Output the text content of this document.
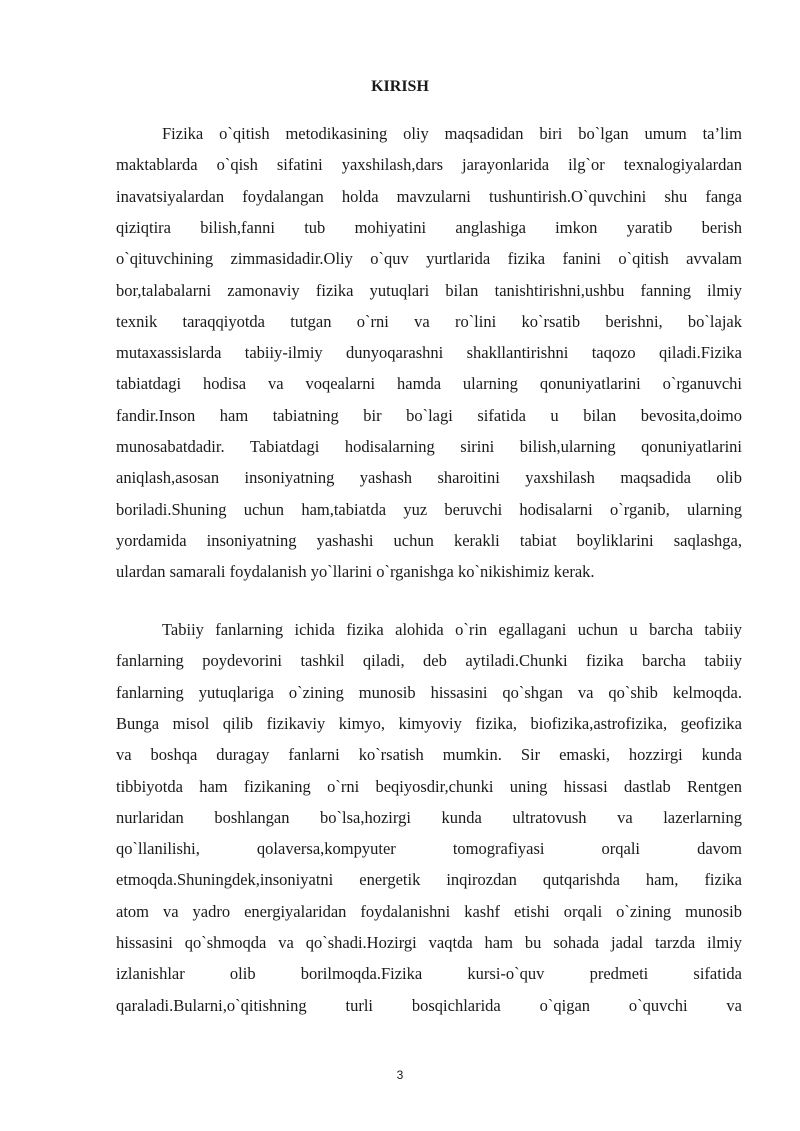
KIRISH
Fizika o`qitish metodikasining oliy maqsadidan biri bo`lgan umum ta’lim
maktablarda o`qish sifatini yaxshilash,dars jarayonlarida ilg`or texnalogiyalardan
inavatsiyalardan foydalangan holda mavzularni tushuntirish.O`quvchini shu fanga
qiziqtira bilish,fanni tub mohiyatini anglashiga imkon yaratib berish
o`qituvchining zimmasidadir.Oliy o`quv yurtlarida fizika fanini o`qitish avvalam
bor,talabalarni zamonaviy fizika yutuqlari bilan tanishtirishni,ushbu fanning ilmiy
texnik taraqqiyotda tutgan o`rni va ro`lini ko`rsatib berishni, bo`lajak
mutaxassislarda tabiiy-ilmiy dunyoqarashni shakllantirishni taqozo qiladi.Fizika
tabiatdagi hodisa va voqealarni hamda ularning qonuniyatlarini o`rganuvchi
fandir.Inson ham tabiatning bir bo`lagi sifatida u bilan bevosita,doimo
munosabatdadir. Tabiatdagi hodisalarning sirini bilish,ularning qonuniyatlarini
aniqlash,asosan insoniyatning yashash sharoitini yaxshilash maqsadida olib
boriladi.Shuning uchun ham,tabiatda yuz beruvchi hodisalarni o`rganib, ularning
yordamida insoniyatning yashashi uchun kerakli tabiat boyliklarini saqlashga,
ulardan samarali foydalanish yo`llarini o`rganishga ko`nikishimiz kerak.
Tabiiy fanlarning ichida fizika alohida o`rin egallagani uchun u barcha tabiiy
fanlarning poydevorini tashkil qiladi, deb aytiladi.Chunki fizika barcha tabiiy
fanlarning yutuqlariga o`zining munosib hissasini qo`shgan va qo`shib kelmoqda.
Bunga misol qilib fizikaviy kimyo, kimyoviy fizika, biofizika,astrofizika, geofizika
va boshqa duragay fanlarni ko`rsatish mumkin. Sir emaski, hozzirgi kunda
tibbiyotda ham fizikaning o`rni beqiyosdir,chunki uning hissasi dastlab Rentgen
nurlaridan boshlangan bo`lsa,hozirgi kunda ultratovush va lazerlarning
qo`llanilishi, qolaversa,kompyuter tomografiyasi orqali davom
etmoqda.Shuningdek,insoniyatni energetik inqirozdan qutqarishda ham, fizika
atom va yadro energiyalaridan foydalanishni kashf etishi orqali o`zining munosib
hissasini qo`shmoqda va qo`shadi.Hozirgi vaqtda ham bu sohada jadal tarzda ilmiy
izlanishlar olib borilmoqda.Fizika kursi-o`quv predmeti sifatida
qaraladi.Bularni,o`qitishning turli bosqichlarida o`qigan o`quvchi va
3
